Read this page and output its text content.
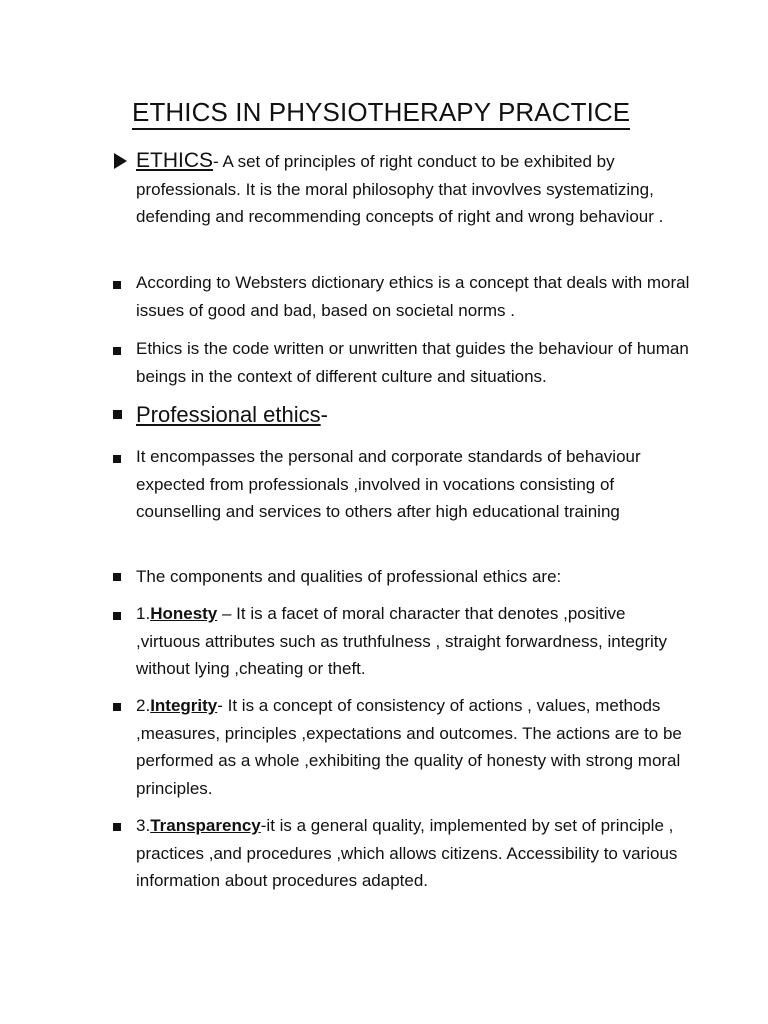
ETHICS IN PHYSIOTHERAPY PRACTICE
ETHICS- A set of principles of right conduct to be exhibited by professionals. It is the moral philosophy that invovlves systematizing, defending and recommending concepts of right and wrong behaviour .
According to Websters dictionary ethics is a concept that deals with moral issues of good and bad, based on societal norms .
Ethics is the code written or unwritten that guides the behaviour of human beings in the context of different culture and situations.
Professional ethics-
It encompasses the personal and corporate standards of behaviour expected from professionals ,involved in vocations consisting of counselling and services to others after high educational training
The components and qualities of professional ethics are:
1.Honesty – It is a facet of moral character that denotes ,positive ,virtuous attributes such as truthfulness , straight forwardness, integrity without lying ,cheating or theft.
2.Integrity- It is a concept of consistency of actions , values, methods ,measures, principles ,expectations and outcomes. The actions are to be performed as a whole ,exhibiting the quality of honesty with strong moral principles.
3.Transparency-it is a general quality, implemented by set of principle , practices ,and procedures ,which allows citizens. Accessibility to various information about procedures adapted.
